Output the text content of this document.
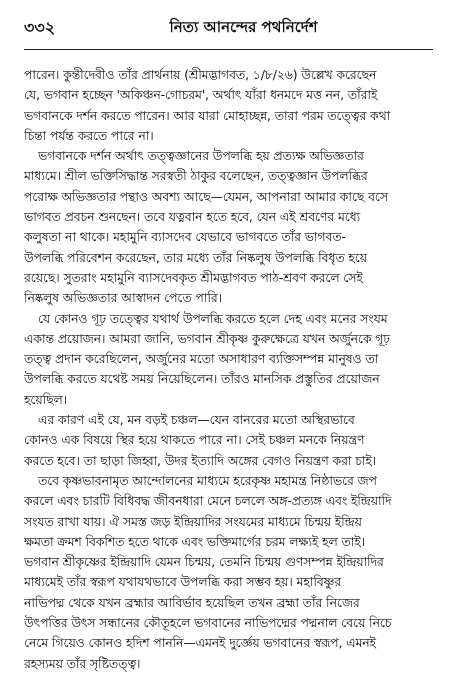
৩৩২	নিত্য আনন্দের পথনির্দেশ

পারেন। কুন্তীদেবীও তাঁর প্রার্থনায় (শ্রীমদ্ভাগবত, ১/৮/২৬) উল্লেখ করেছেন
যে, ভগবান হচ্ছেন 'অকিঞ্চন-গোচরম', অর্থাৎ যাঁরা ধনমদে মত্ত নন, তাঁরাই
ভগবানকে দর্শন করতে পারেন। আর যারা মোহাচ্ছন্ন, তারা পরম তত্ত্বের কথা
চিন্তা পর্যন্ত করতে পারে না।

ভগবানকে দর্শন অর্থাৎ তত্ত্বজ্ঞানের উপলব্ধি হয় প্রত্যক্ষ অভিজ্ঞতার
মাধ্যমে। শ্রীল ভক্তিসিদ্ধান্ত সরস্বতী ঠাকুর বলেছেন, তত্ত্বজ্ঞান উপলব্ধির
পরোক্ষ অভিজ্ঞতার পন্থাও অবশ্য আছে—যেমন, আপনারা আমার কাছে বসে
ভাগবত প্রবচন শুনছেন। তবে যত্নবান হতে হবে, যেন এই শ্রবণের মধ্যে
কলুষতা না থাকে। মহামুনি ব্যাসদেব যেভাবে ভাগবতে তাঁর ভাগবত-
উপলব্ধি পরিবেশন করেছেন, তার মধ্যে তাঁর নিষ্কলুষ উপলব্ধি বিধৃত হয়ে
রয়েছে। সুতরাং মহামুনি ব্যাসদেবকৃত শ্রীমদ্ভাগবত পাঠ-শ্রবণ করলে সেই
নিষ্কলুষ অভিজ্ঞতার আস্বাদন পেতে পারি।

যে কোনও গূঢ় তত্ত্বের যথার্থ উপলব্ধি করতে হলে দেহ এবং মনের সংযম
একান্ত প্রয়োজন। আমরা জানি, ভগবান শ্রীকৃষ্ণ কুরুক্ষেত্রে যখন অর্জুনকে গূঢ়
তত্ত্ব প্রদান করেছিলেন, অর্জুনের মতো অসাধারণ ব্যক্তিসম্পন্ন মানুষও তা
উপলব্ধি করতে যথেষ্ট সময় নিয়েছিলেন। তাঁরও মানসিক প্রস্তুতির প্রয়োজন
হয়েছিল।

এর কারণ এই যে, মন বড়ই চঞ্চল—যেন বানরের মতো অস্থিরভাবে
কোনও এক বিষয়ে স্থির হয়ে থাকতে পারে না। সেই চঞ্চল মনকে নিয়ন্ত্রণ
করতে হবে। তা ছাড়া জিহ্বা, উদর ইত্যাদি অঙ্গের বেগও নিয়ন্ত্রণ করা চাই।

তবে কৃষ্ণভাবনামৃত আন্দোলনের মাধ্যমে হরেকৃষ্ণ মহামন্ত্র নিষ্ঠাভরে জপ
করলে এবং চারটি বিধিবদ্ধ জীবনধারা মেনে চললে অঙ্গ-প্রত্যঙ্গ এবং ইন্দ্রিয়াদি
সংযত রাখা যায়। ঐ সমস্ত জড় ইন্দ্রিয়াদির সংযমের মাধ্যমে চিন্ময় ইন্দ্রিয়
ক্ষমতা ক্রমশ বিকশিত হতে থাকে এবং ভক্তিমার্গের চরম লক্ষ্যই হল তাই।
ভগবান শ্রীকৃষ্ণের ইন্দ্রিয়াদি যেমন চিন্ময়, তেমনি চিন্ময় গুণসম্পন্ন ইন্দ্রিয়াদির
মাধ্যমেই তাঁর স্বরূপ যথাযথভাবে উপলব্ধি করা সম্ভব হয়। মহাবিষ্ণুর
নাভিপদ্ম থেকে যখন ব্রহ্মার আবির্ভাব হয়েছিল তখন ব্রহ্মা তাঁর নিজের
উৎপত্তির উৎস সন্ধানের কৌতূহলে ভগবানের নাভিপদ্মের পদ্মনাল বেয়ে নিচে
নেমে গিয়েও কোনও হদিশ পাননি—এমনই দুর্জ্ঞেয় ভগবানের স্বরূপ, এমনই
রহস্যময় তাঁর সৃষ্টিতত্ত্ব।
